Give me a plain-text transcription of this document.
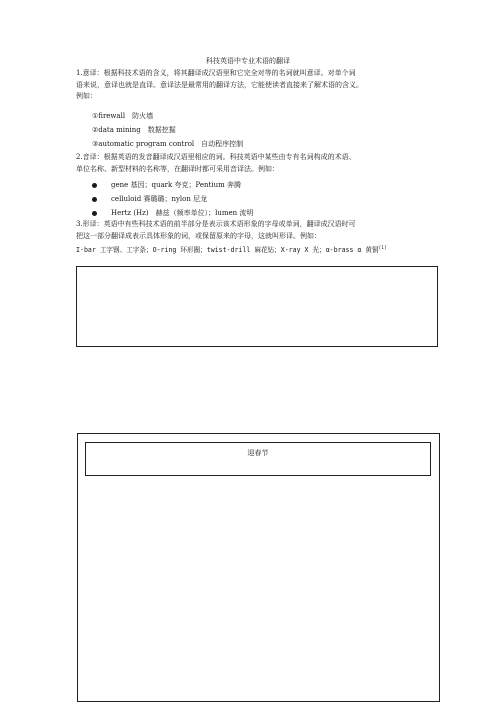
科技英语中专业术语的翻译
1.意译：根据科技术语的含义，将其翻译成汉语里和它完全对等的名词就叫意译。对单个词
语来说，意译也就是直译。意译法是最常用的翻译方法，它能使读者直接来了解术语的含义。
例如：
①firewall　防火墙
②data mining　数据挖掘
③automatic program control　自动程序控制
2.音译：根据英语的发音翻译成汉语里相应的词。科技英语中某些由专有名词构成的术语、
单位名称、新型材料的名称等，在翻译时都可采用音译法。例如：
gene 基因；quark 夸克；Pentium 奔腾
celluloid 赛璐璐；nylon 尼龙
Hertz (Hz)　赫兹（频率单位）；lumen 流明
3.形译：英语中有些科技术语的前半部分是表示该术语形象的字母或单词，翻译成汉语时可
把这一部分翻译成表示具体形象的词，或保留原来的字母，这就叫形译。例如：
I-bar 工字钢、工字条；O-ring 环形圈；twist-drill 麻花钻；X-ray X 光；α-brass α 黄铜[1]
迎春节
